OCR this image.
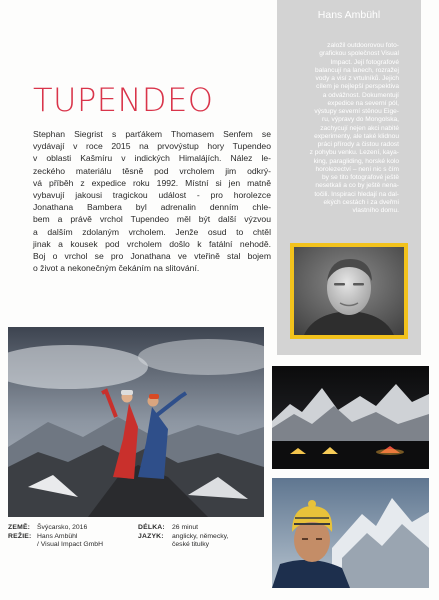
TUPENDEO
Stephan Siegrist s parťákem Thomasem Senfem se
vydávají v roce 2015 na prvovýstup hory Tupendeo
v oblasti Kašmíru v indických Himalájích. Nález le-
zeckého materiálu těsně pod vrcholem jim odkrý-
vá příběh z expedice roku 1992. Místní si jen matně
vybavují jakousi tragickou událost - pro horolezce
Jonathana Bambera byl adrenalin denním chle-
bem a právě vrchol Tupendeo měl být další výzvou
a dalším zdolaným vrcholem. Jenže osud to chtěl
jinak a kousek pod vrcholem došlo k fatální nehodě.
Boj o vrchol se pro Jonathana ve vteřině stal bojem
o život a nekonečným čekáním na slitování.
Hans Ambühl
založil outdoorovou foto-
grafickou společnost Visual
Impact. Její fotografové
balancují na lanech, rozražej
vody a visí z vrtulníků. Jejich
cílem je nejlepší perspektiva
a odvážnost. Dokumentují
expedice na severní pól,
výstupy severní stěnou Eige-
ru, výpravy do Mongolska,
zachycují nejen akci nabité
experimenty, ale také klidnou
práci přírody a čistou radost
z pohybu venku. Lezení, kaya-
king, paragliding, horské kolo
horolezectví – není nic s čím
by se tito fotografové ještě
nesetkali a co by ještě nena-
točili. Inspiraci hledají na dal-
ekých cestách i za dveřmi
vlastního domu.
ZEMĚ:
REŽIE:
Švýcarsko, 2016
Hans Ambühl
/ Visual Impact GmbH
DÉLKA:
JAZYK:
26 minut
anglicky, německy,
české titulky
